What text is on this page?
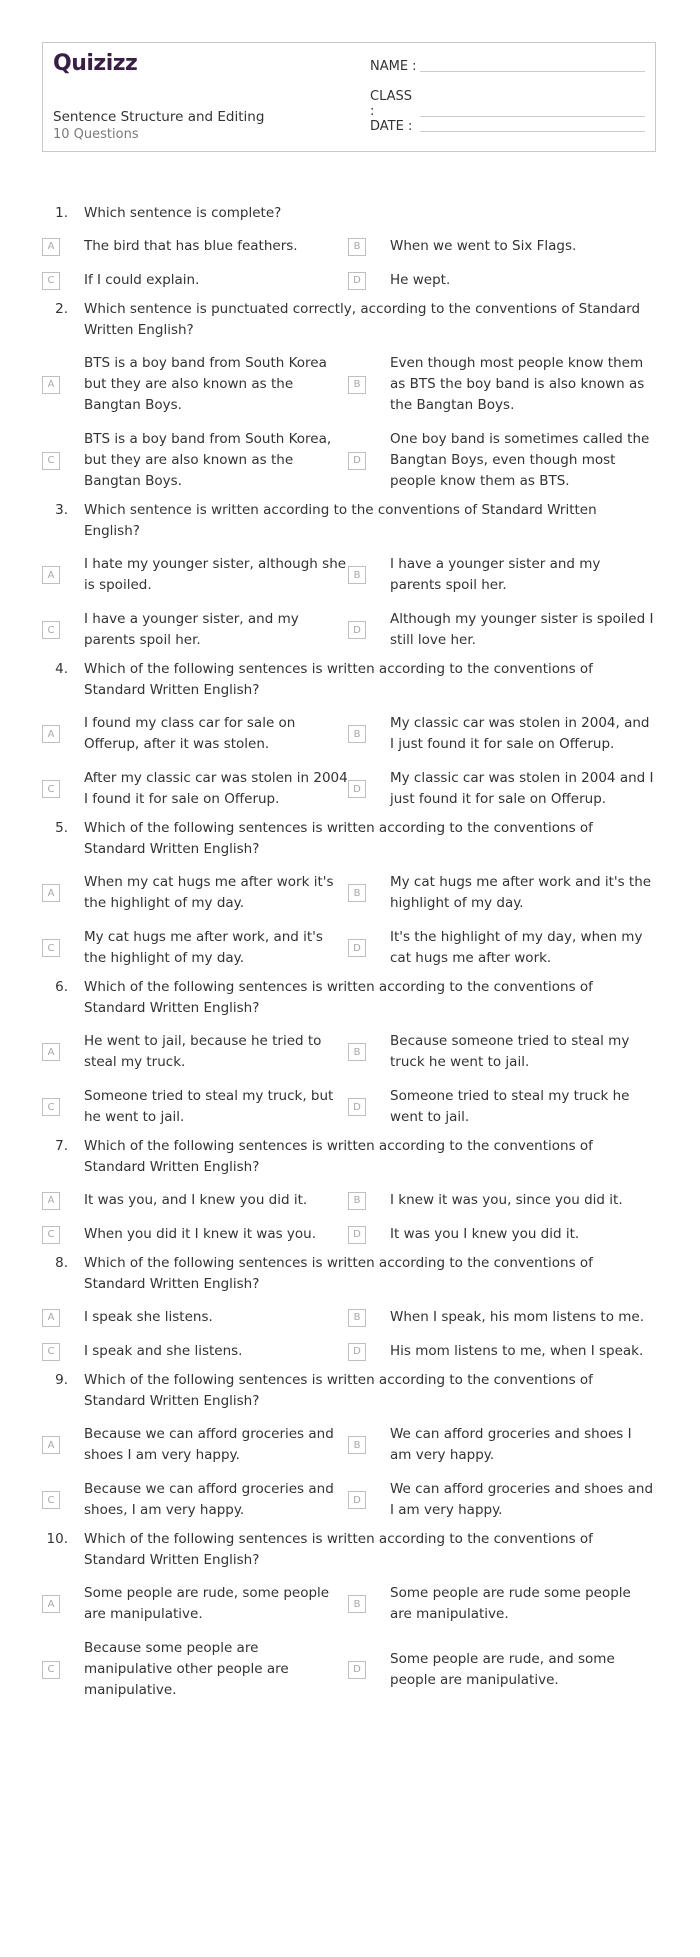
Quizizz
Sentence Structure and Editing
10 Questions
NAME :
CLASS :
DATE :
1.	Which sentence is complete?
A	The bird that has blue feathers.	B	When we went to Six Flags.
C	If I could explain.	D	He wept.
2.	Which sentence is punctuated correctly, according to the conventions of Standard Written English?
A
BTS is a boy band from South Korea but they are also known as the Bangtan Boys.
B
Even though most people know them as BTS the boy band is also known as the Bangtan Boys.
C
BTS is a boy band from South Korea, but they are also known as the Bangtan Boys.
D
One boy band is sometimes called the Bangtan Boys, even though most people know them as BTS.
3.	Which sentence is written according to the conventions of Standard Written English?
A
I hate my younger sister, although she is spoiled.
B
I have a younger sister and my parents spoil her.
C
I have a younger sister, and my parents spoil her.
D
Although my younger sister is spoiled I still love her.
4.	Which of the following sentences is written according to the conventions of Standard Written English?
A
I found my class car for sale on Offerup, after it was stolen.
B
My classic car was stolen in 2004, and I just found it for sale on Offerup.
C
After my classic car was stolen in 2004 I found it for sale on Offerup.
D
My classic car was stolen in 2004 and I just found it for sale on Offerup.
5.	Which of the following sentences is written according to the conventions of Standard Written English?
A
When my cat hugs me after work it's the highlight of my day.
B
My cat hugs me after work and it's the highlight of my day.
C
My cat hugs me after work, and it's the highlight of my day.
D
It's the highlight of my day, when my cat hugs me after work.
6.	Which of the following sentences is written according to the conventions of Standard Written English?
A
He went to jail, because he tried to steal my truck.
B
Because someone tried to steal my truck he went to jail.
C
Someone tried to steal my truck, but he went to jail.
D
Someone tried to steal my truck he went to jail.
7.	Which of the following sentences is written according to the conventions of Standard Written English?
A	It was you, and I knew you did it.	B	I knew it was you, since you did it.
C	When you did it I knew it was you.	D	It was you I knew you did it.
8.	Which of the following sentences is written according to the conventions of Standard Written English?
A	I speak she listens.	B	When I speak, his mom listens to me.
C	I speak and she listens.	D	His mom listens to me, when I speak.
9.	Which of the following sentences is written according to the conventions of Standard Written English?
A
Because we can afford groceries and shoes I am very happy.
B
We can afford groceries and shoes I am very happy.
C
Because we can afford groceries and shoes, I am very happy.
D
We can afford groceries and shoes and I am very happy.
10.	Which of the following sentences is written according to the conventions of Standard Written English?
A
Some people are rude, some people are manipulative.
B
Some people are rude some people are manipulative.
C
Because some people are manipulative other people are manipulative.
D
Some people are rude, and some people are manipulative.
